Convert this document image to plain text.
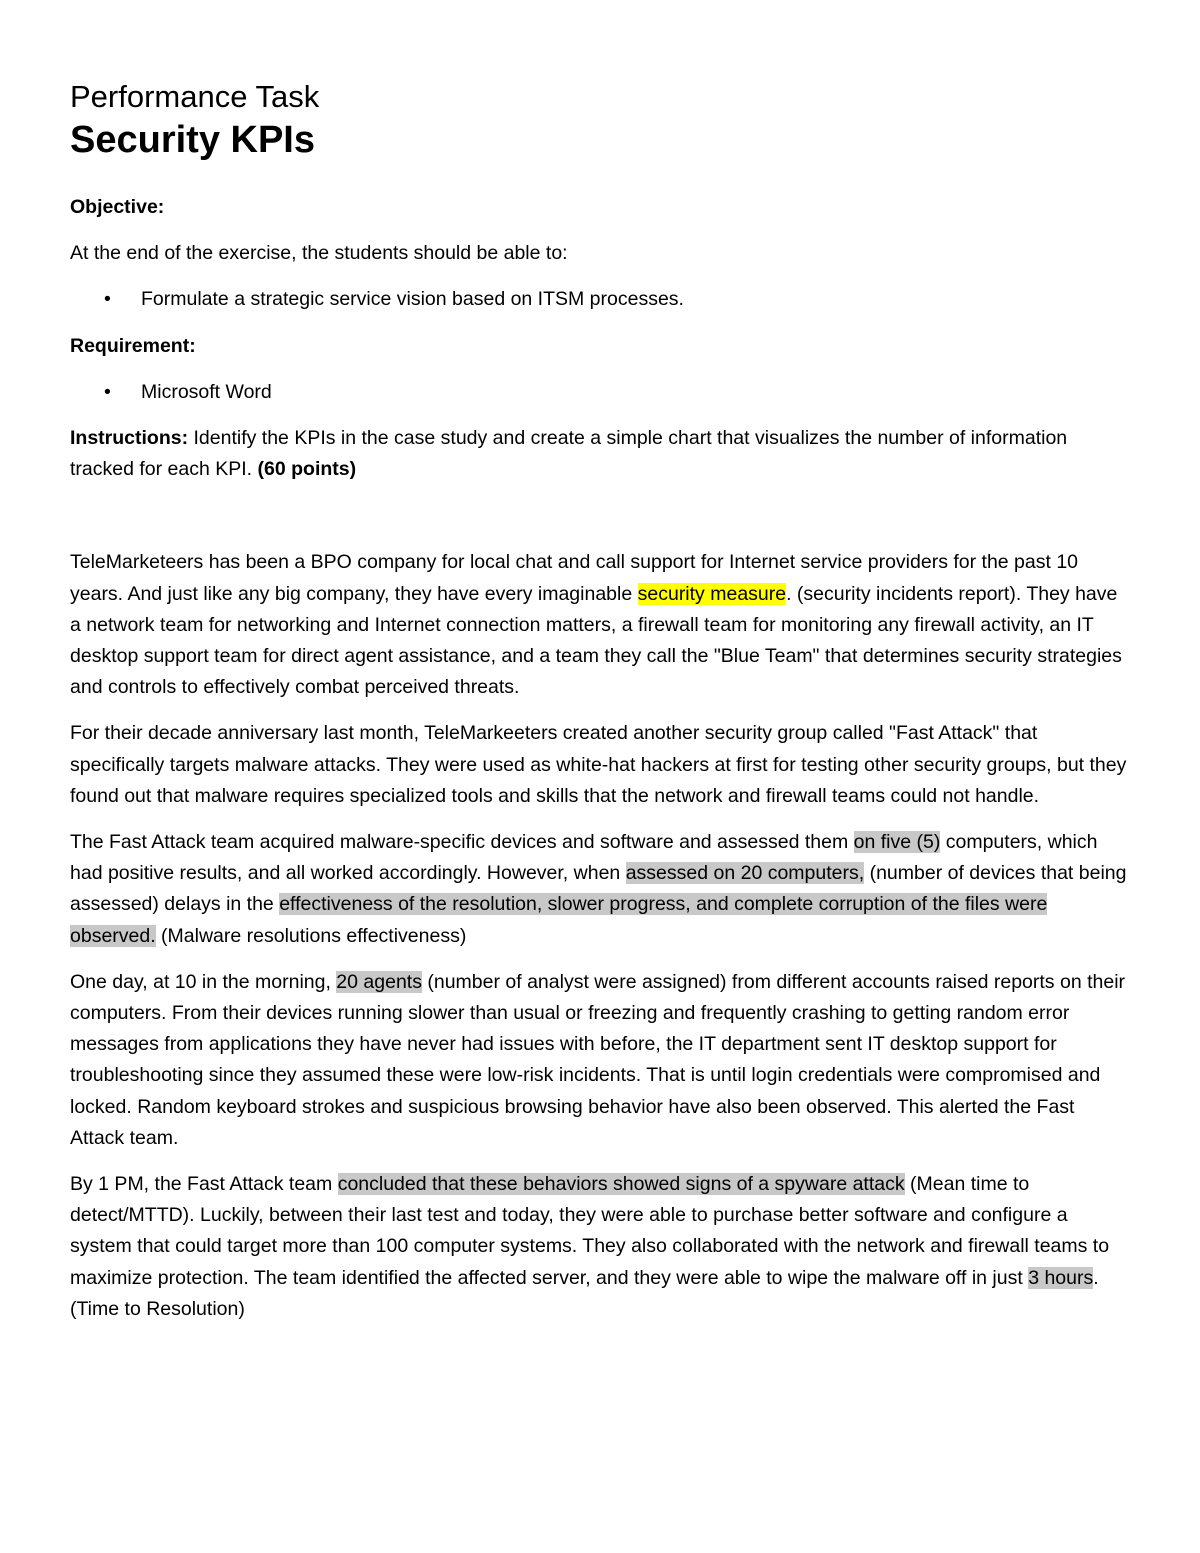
Performance Task
Security KPIs

Objective:

At the end of the exercise, the students should be able to:

• Formulate a strategic service vision based on ITSM processes.

Requirement:

• Microsoft Word

Instructions: Identify the KPIs in the case study and create a simple chart that visualizes the number of information tracked for each KPI. (60 points)

TeleMarketeers has been a BPO company for local chat and call support for Internet service providers for the past 10 years. And just like any big company, they have every imaginable security measure. (security incidents report). They have a network team for networking and Internet connection matters, a firewall team for monitoring any firewall activity, an IT desktop support team for direct agent assistance, and a team they call the "Blue Team" that determines security strategies and controls to effectively combat perceived threats.

For their decade anniversary last month, TeleMarkeeters created another security group called "Fast Attack" that specifically targets malware attacks. They were used as white-hat hackers at first for testing other security groups, but they found out that malware requires specialized tools and skills that the network and firewall teams could not handle.

The Fast Attack team acquired malware-specific devices and software and assessed them on five (5) computers, which had positive results, and all worked accordingly. However, when assessed on 20 computers, (number of devices that being assessed) delays in the effectiveness of the resolution, slower progress, and complete corruption of the files were observed. (Malware resolutions effectiveness)

One day, at 10 in the morning, 20 agents (number of analyst were assigned) from different accounts raised reports on their computers. From their devices running slower than usual or freezing and frequently crashing to getting random error messages from applications they have never had issues with before, the IT department sent IT desktop support for troubleshooting since they assumed these were low-risk incidents. That is until login credentials were compromised and locked. Random keyboard strokes and suspicious browsing behavior have also been observed. This alerted the Fast Attack team.

By 1 PM, the Fast Attack team concluded that these behaviors showed signs of a spyware attack (Mean time to detect/MTTD). Luckily, between their last test and today, they were able to purchase better software and configure a system that could target more than 100 computer systems. They also collaborated with the network and firewall teams to maximize protection. The team identified the affected server, and they were able to wipe the malware off in just 3 hours. (Time to Resolution)
